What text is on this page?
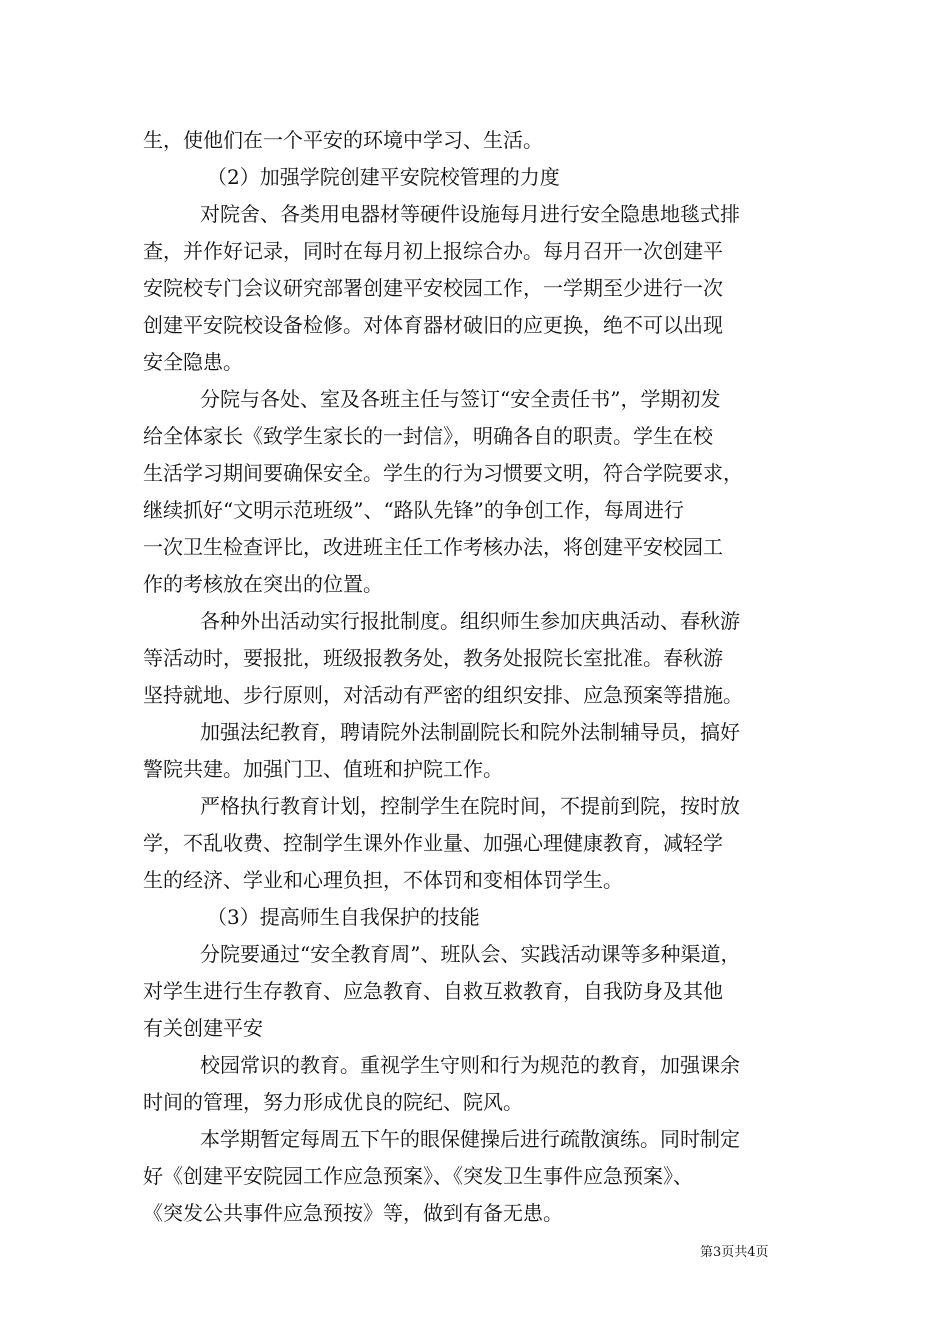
生，使他们在一个平安的环境中学习、生活。
（2）加强学院创建平安院校管理的力度
对院舍、各类用电器材等硬件设施每月进行安全隐患地毯式排
查，并作好记录，同时在每月初上报综合办。每月召开一次创建平
安院校专门会议研究部署创建平安校园工作，一学期至少进行一次
创建平安院校设备检修。对体育器材破旧的应更换，绝不可以出现
安全隐患。
分院与各处、室及各班主任与签订“安全责任书”，学期初发
给全体家长《致学生家长的一封信》，明确各自的职责。学生在校
生活学习期间要确保安全。学生的行为习惯要文明，符合学院要求，
继续抓好“文明示范班级”、“路队先锋”的争创工作，每周进行
一次卫生检查评比，改进班主任工作考核办法，将创建平安校园工
作的考核放在突出的位置。
各种外出活动实行报批制度。组织师生参加庆典活动、春秋游
等活动时，要报批，班级报教务处，教务处报院长室批准。春秋游
坚持就地、步行原则，对活动有严密的组织安排、应急预案等措施。
加强法纪教育，聘请院外法制副院长和院外法制辅导员，搞好
警院共建。加强门卫、值班和护院工作。
严格执行教育计划，控制学生在院时间，不提前到院，按时放
学，不乱收费、控制学生课外作业量、加强心理健康教育，减轻学
生的经济、学业和心理负担，不体罚和变相体罚学生。
（3）提高师生自我保护的技能
分院要通过“安全教育周”、班队会、实践活动课等多种渠道，
对学生进行生存教育、应急教育、自救互救教育，自我防身及其他
有关创建平安
校园常识的教育。重视学生守则和行为规范的教育，加强课余
时间的管理，努力形成优良的院纪、院风。
本学期暂定每周五下午的眼保健操后进行疏散演练。同时制定
好《创建平安院园工作应急预案》、《突发卫生事件应急预案》、
《突发公共事件应急预按》等，做到有备无患。
第3页共4页
